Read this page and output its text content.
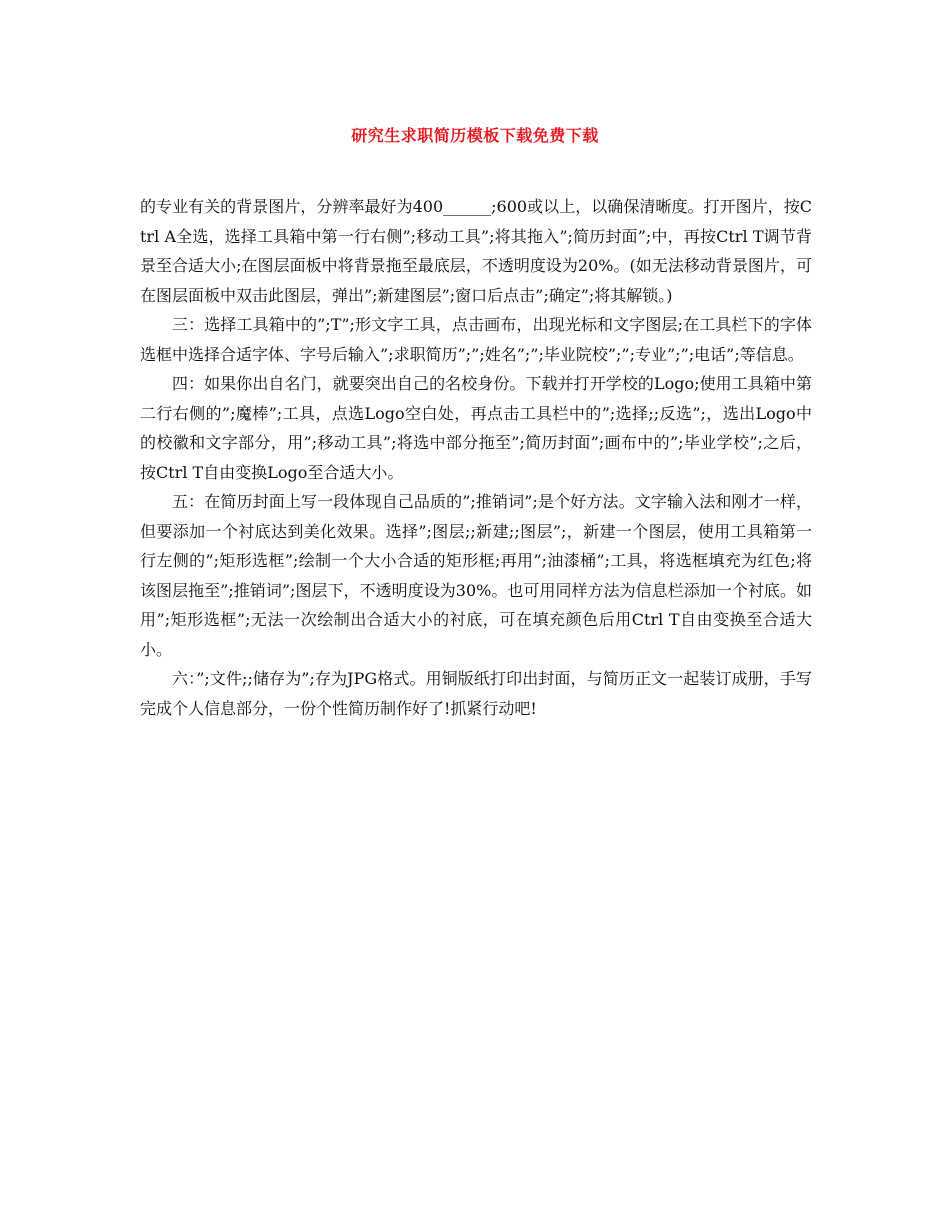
研究生求职简历模板下载免费下载

的专业有关的背景图片，分辨率最好为400______;600或以上，以确保清晰度。打开图片，按Ctrl A全选，选择工具箱中第一行右侧”;移动工具”;将其拖入”;简历封面”;中，再按Ctrl T调节背景至合适大小;在图层面板中将背景拖至最底层，不透明度设为20%。(如无法移动背景图片，可在图层面板中双击此图层，弹出”;新建图层”;窗口后点击”;确定”;将其解锁。)

三：选择工具箱中的”;T”;形文字工具，点击画布，出现光标和文字图层;在工具栏下的字体选框中选择合适字体、字号后输入”;求职简历”;”;姓名”;”;毕业院校”;”;专业”;”;电话”;等信息。

四：如果你出自名门，就要突出自己的名校身份。下载并打开学校的Logo;使用工具箱中第二行右侧的”;魔棒”;工具，点选Logo空白处，再点击工具栏中的”;选择;;反选”;，选出Logo中的校徽和文字部分，用”;移动工具”;将选中部分拖至”;简历封面”;画布中的”;毕业学校”;之后，按Ctrl T自由变换Logo至合适大小。

五：在简历封面上写一段体现自己品质的”;推销词”;是个好方法。文字输入法和刚才一样，但要添加一个衬底达到美化效果。选择”;图层;;新建;;图层”;，新建一个图层，使用工具箱第一行左侧的”;矩形选框”;绘制一个大小合适的矩形框;再用”;油漆桶”;工具，将选框填充为红色;将该图层拖至”;推销词”;图层下，不透明度设为30%。也可用同样方法为信息栏添加一个衬底。如用”;矩形选框”;无法一次绘制出合适大小的衬底，可在填充颜色后用Ctrl T自由变换至合适大小。

六：”;文件;;储存为”;存为JPG格式。用铜版纸打印出封面，与简历正文一起装订成册，手写完成个人信息部分，一份个性简历制作好了!抓紧行动吧!
